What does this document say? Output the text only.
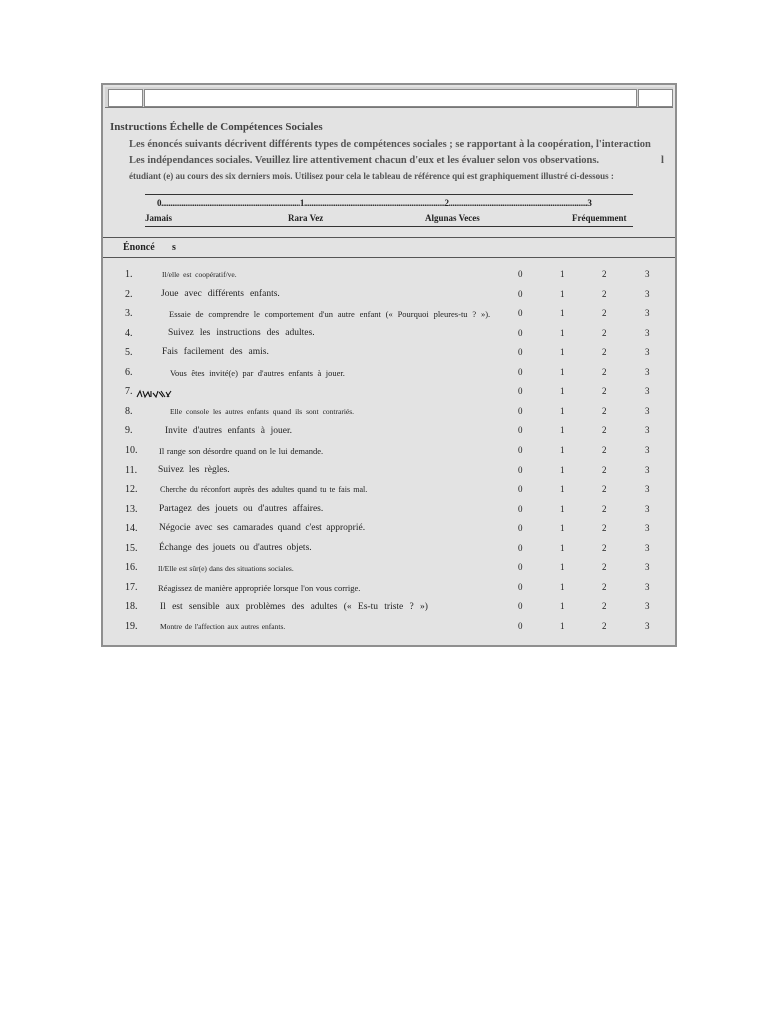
Instructions Échelle de Compétences Sociales
Les énoncés suivants décrivent différents types de compétences sociales ; se rapportant à la coopération, l'interaction
Les indépendances sociales. Veuillez lire attentivement chacun d'eux et les évaluer selon vos observations.	l
étudiant (e) au cours des six derniers mois. Utilisez pour cela le tableau de référence qui est graphiquement illustré ci-dessous :
0...........................................................................1............................................................................2...........................................................................3
Jamais	Rara Vez	Algunas Veces	Fréquemment
Énoncé s
1.	Il/elle est coopératif/ve.	0	1	2	3
2.	Joue avec différents enfants.	0	1	2	3
3.	Essaie de comprendre le comportement d'un autre enfant (« Pourquoi pleures-tu ? »).	0	1	2	3
4.	Suivez les instructions des adultes.	0	1	2	3
5.	Fais facilement des amis.	0	1	2	3
6.	Vous êtes invité(e) par d'autres enfants à jouer.	0	1	2	3
7.	0	1	2	3
8.	Elle console les autres enfants quand ils sont contrariés.	0	1	2	3
9.	Invite d'autres enfants à jouer.	0	1	2	3
10.	Il range son désordre quand on le lui demande.	0	1	2	3
11. Suivez les règles.	0	1	2	3
12.	Cherche du réconfort auprès des adultes quand tu te fais mal.	0	1	2	3
13. Partagez des jouets ou d'autres affaires.	0	1	2	3
14. Négocie avec ses camarades quand c'est approprié.	0	1	2	3
15. Échange des jouets ou d'autres objets.	0	1	2	3
16.	Il/Elle est sûr(e) dans des situations sociales.	0	1	2	3
17. Réagissez de manière appropriée lorsque l'on vous corrige.	0	1	2	3
18. Il est sensible aux problèmes des adultes (« Es-tu triste ? »)	0	1	2	3
19.	Montre de l'affection aux autres enfants.	0	1	2	3
